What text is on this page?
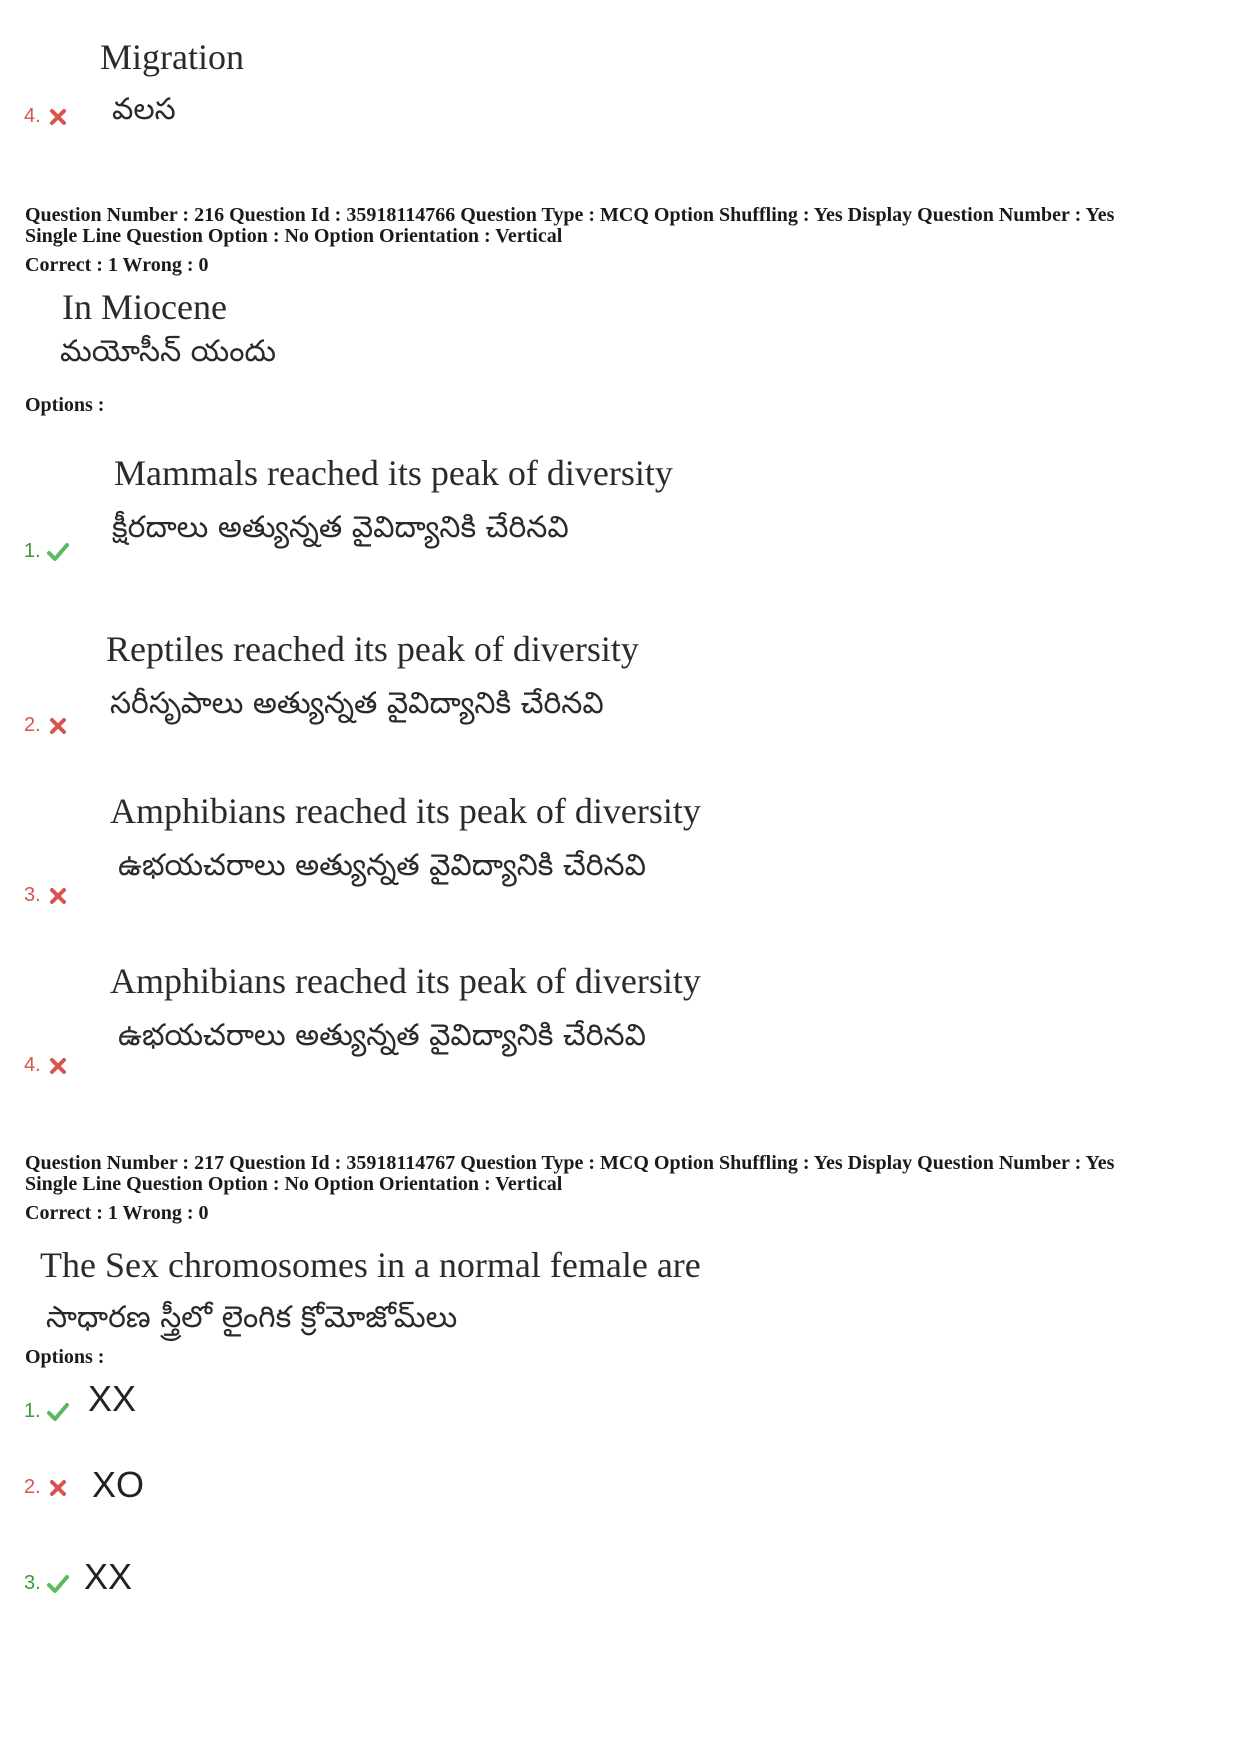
Migration
వలస
4.
Question Number : 216 Question Id : 35918114766 Question Type : MCQ Option Shuffling : Yes Display Question Number : Yes
Single Line Question Option : No Option Orientation : Vertical
Correct : 1 Wrong : 0
In Miocene
మయోసీన్ యందు
Options :
Mammals reached its peak of diversity
క్షీరదాలు అత్యున్నత వైవిద్యానికి చేరినవి
1.
Reptiles reached its peak of diversity
సరీసృపాలు అత్యున్నత వైవిద్యానికి చేరినవి
2.
Amphibians reached its peak of diversity
ఉభయచరాలు అత్యున్నత వైవిద్యానికి చేరినవి
3.
Amphibians reached its peak of diversity
ఉభయచరాలు అత్యున్నత వైవిద్యానికి చేరినవి
4.
Question Number : 217 Question Id : 35918114767 Question Type : MCQ Option Shuffling : Yes Display Question Number : Yes
Single Line Question Option : No Option Orientation : Vertical
Correct : 1 Wrong : 0
The Sex chromosomes in a normal female are
సాధారణ స్త్రీలో లైంగిక క్రోమోజోమ్‌లు
Options :
XX
1.
XO
2.
XX
3.
